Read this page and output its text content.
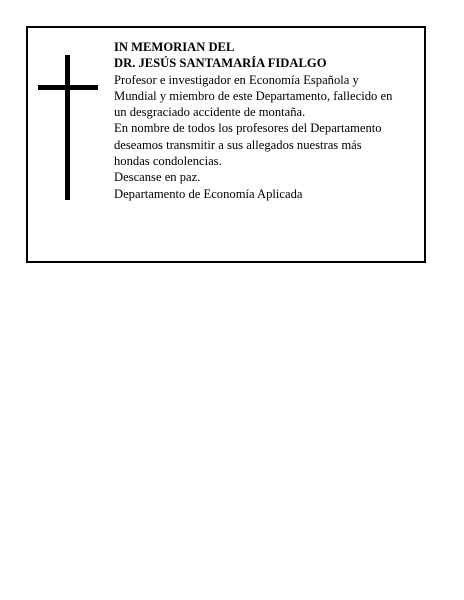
IN MEMORIAN DEL
DR. JESÚS SANTAMARÍA FIDALGO
Profesor e investigador en Economía Española y
Mundial y miembro de este Departamento, fallecido en
un desgraciado accidente de montaña.
En nombre de todos los profesores del Departamento
deseamos transmitir a sus allegados nuestras más
hondas condolencias.
Descanse en paz.
Departamento de Economía Aplicada
